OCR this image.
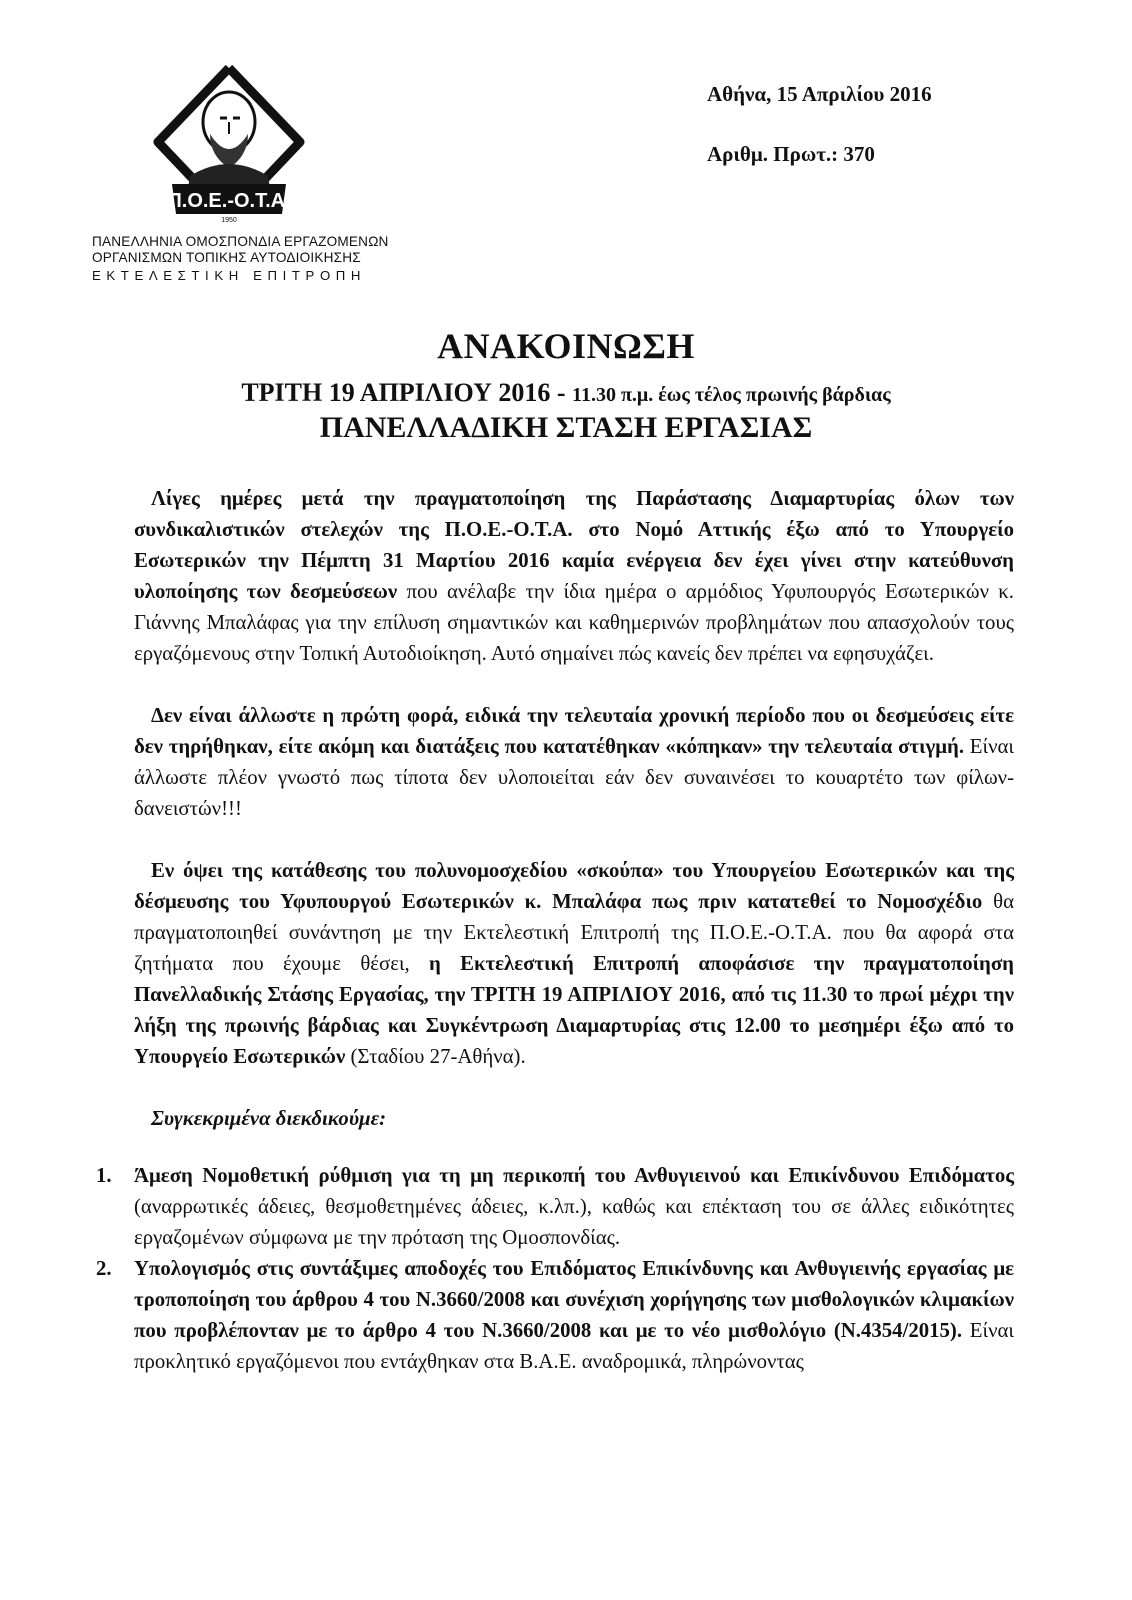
Π.Ο.Ε.-Ο.Τ.Α.
1950
ΠΑΝΕΛΛΗΝΙΑ ΟΜΟΣΠΟΝΔΙΑ ΕΡΓΑΖΟΜΕΝΩΝ
ΟΡΓΑΝΙΣΜΩΝ ΤΟΠΙΚΗΣ ΑΥΤΟΔΙΟΙΚΗΣΗΣ
ΕΚΤΕΛΕΣΤΙΚΗ ΕΠΙΤΡΟΠΗ
Αθήνα, 15 Απριλίου 2016
Αριθμ. Πρωτ.: 370
ΑΝΑΚΟΙΝΩΣΗ
ΤΡΙΤΗ 19 ΑΠΡΙΛΙΟΥ 2016 - 11.30 π.μ. έως τέλος πρωινής βάρδιας
ΠΑΝΕΛΛΑΔΙΚΗ ΣΤΑΣΗ ΕΡΓΑΣΙΑΣ

Λίγες ημέρες μετά την πραγματοποίηση της Παράστασης Διαμαρτυρίας όλων των συνδικαλιστικών στελεχών της Π.Ο.Ε.-Ο.Τ.Α. στο Νομό Αττικής έξω από το Υπουργείο Εσωτερικών την Πέμπτη 31 Μαρτίου 2016 καμία ενέργεια δεν έχει γίνει στην κατεύθυνση υλοποίησης των δεσμεύσεων που ανέλαβε την ίδια ημέρα ο αρμόδιος Υφυπουργός Εσωτερικών κ. Γιάννης Μπαλάφας για την επίλυση σημαντικών και καθημερινών προβλημάτων που απασχολούν τους εργαζόμενους στην Τοπική Αυτοδιοίκηση. Αυτό σημαίνει πώς κανείς δεν πρέπει να εφησυχάζει.

Δεν είναι άλλωστε η πρώτη φορά, ειδικά την τελευταία χρονική περίοδο που οι δεσμεύσεις είτε δεν τηρήθηκαν, είτε ακόμη και διατάξεις που κατατέθηκαν «κόπηκαν» την τελευταία στιγμή. Είναι άλλωστε πλέον γνωστό πως τίποτα δεν υλοποιείται εάν δεν συναινέσει το κουαρτέτο των φίλων-δανειστών!!!

Εν όψει της κατάθεσης του πολυνομοσχεδίου «σκούπα» του Υπουργείου Εσωτερικών και της δέσμευσης του Υφυπουργού Εσωτερικών κ. Μπαλάφα πως πριν κατατεθεί το Νομοσχέδιο θα πραγματοποιηθεί συνάντηση με την Εκτελεστική Επιτροπή της Π.Ο.Ε.-Ο.Τ.Α. που θα αφορά στα ζητήματα που έχουμε θέσει, η Εκτελεστική Επιτροπή αποφάσισε την πραγματοποίηση Πανελλαδικής Στάσης Εργασίας, την ΤΡΙΤΗ 19 ΑΠΡΙΛΙΟΥ 2016, από τις 11.30 το πρωί μέχρι την λήξη της πρωινής βάρδιας και Συγκέντρωση Διαμαρτυρίας στις 12.00 το μεσημέρι έξω από το Υπουργείο Εσωτερικών (Σταδίου 27-Αθήνα).

Συγκεκριμένα διεκδικούμε:
1. Άμεση Νομοθετική ρύθμιση για τη μη περικοπή του Ανθυγιεινού και Επικίνδυνου Επιδόματος (αναρρωτικές άδειες, θεσμοθετημένες άδειες, κ.λπ.), καθώς και επέκταση του σε άλλες ειδικότητες εργαζομένων σύμφωνα με την πρόταση της Ομοσπονδίας.
2. Υπολογισμός στις συντάξιμες αποδοχές του Επιδόματος Επικίνδυνης και Ανθυγιεινής εργασίας με τροποποίηση του άρθρου 4 του Ν.3660/2008 και συνέχιση χορήγησης των μισθολογικών κλιμακίων που προβλέπονταν με το άρθρο 4 του Ν.3660/2008 και με το νέο μισθολόγιο (Ν.4354/2015). Είναι προκλητικό εργαζόμενοι που εντάχθηκαν στα Β.Α.Ε. αναδρομικά, πληρώνοντας
